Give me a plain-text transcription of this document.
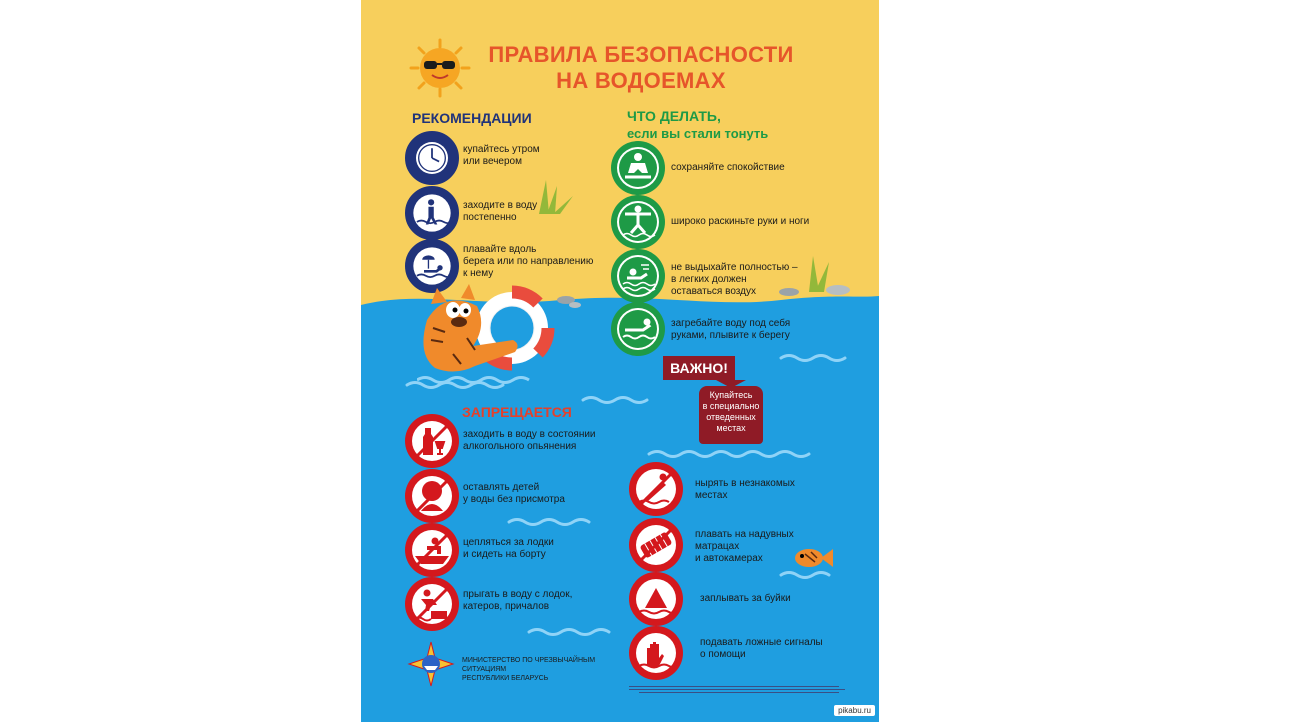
ПРАВИЛА БЕЗОПАСНОСТИ
НА ВОДОЕМАХ
РЕКОМЕНДАЦИИ
купайтесь утром
или вечером
заходите в воду
постепенно
плавайте вдоль
берега или по направлению
к нему
ЧТО ДЕЛАТЬ,
если вы стали тонуть
сохраняйте спокойствие
широко раскиньте руки и ноги
не выдыхайте полностью –
в легких должен
оставаться воздух
загребайте воду под себя
руками, плывите к берегу
ВАЖНО!
Купайтесь
в специально
отведенных
местах
ЗАПРЕЩАЕТСЯ
заходить в воду в состоянии
алкогольного опьянения
оставлять детей
у воды без присмотра
цепляться за лодки
и сидеть на борту
прыгать в воду с лодок,
катеров, причалов
нырять в незнакомых
местах
плавать на надувных
матрацах
и автокамерах
заплывать за буйки
подавать ложные сигналы
о помощи
МИНИСТЕРСТВО ПО ЧРЕЗВЫЧАЙНЫМ СИТУАЦИЯМ
РЕСПУБЛИКИ БЕЛАРУСЬ
pikabu.ru
